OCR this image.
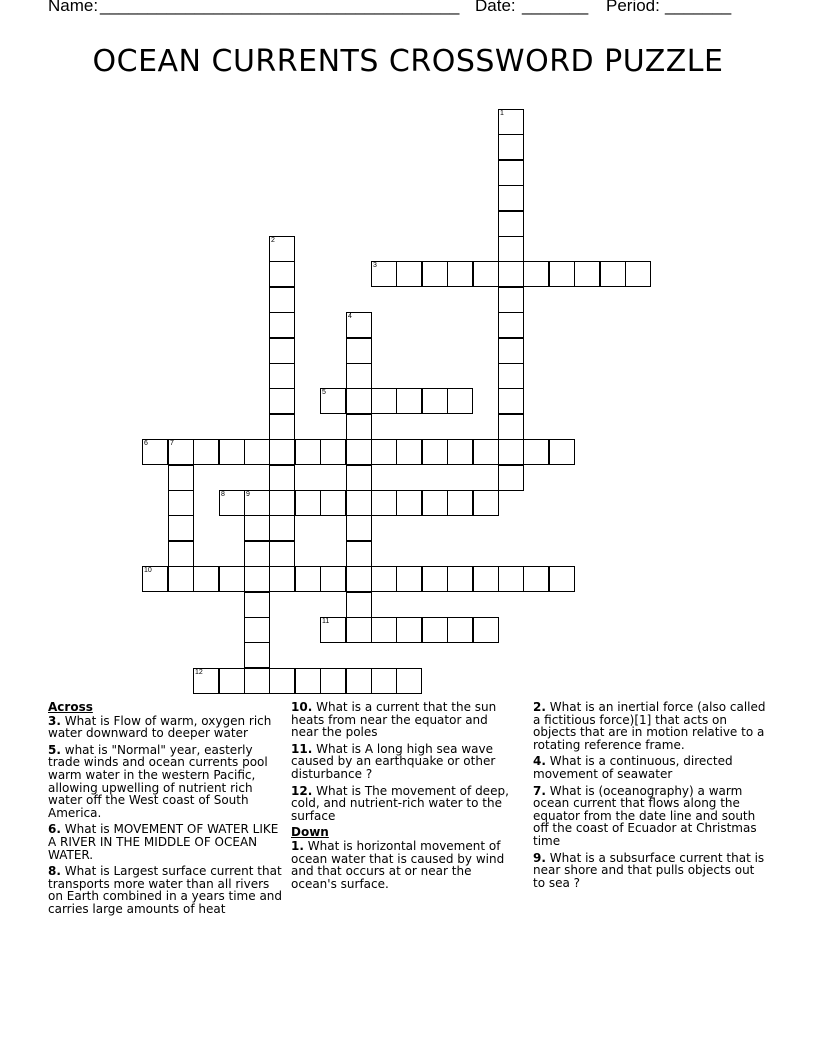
Name: ______________________________________ Date: _______ Period: _______
OCEAN CURRENTS CROSSWORD PUZZLE
1
2
3
4
5
6	7
8	9
10
11
12
Across
3. What is Flow of warm, oxygen rich water downward to deeper water
5. what is "Normal" year, easterly trade winds and ocean currents pool warm water in the western Pacific, allowing upwelling of nutrient rich water off the West coast of South America.
6. What is MOVEMENT OF WATER LIKE A RIVER IN THE MIDDLE OF OCEAN WATER.
8. What is Largest surface current that transports more water than all rivers on Earth combined in a years time and carries large amounts of heat
10. What is a current that the sun heats from near the equator and near the poles
11. What is A long high sea wave caused by an earthquake or other disturbance ?
12. What is The movement of deep, cold, and nutrient-rich water to the surface
Down
1. What is horizontal movement of ocean water that is caused by wind and that occurs at or near the ocean's surface.
2. What is an inertial force (also called a fictitious force)[1] that acts on objects that are in motion relative to a rotating reference frame.
4. What is a continuous, directed movement of seawater
7. What is (oceanography) a warm ocean current that flows along the equator from the date line and south off the coast of Ecuador at Christmas time
9. What is a subsurface current that is near shore and that pulls objects out to sea ?
